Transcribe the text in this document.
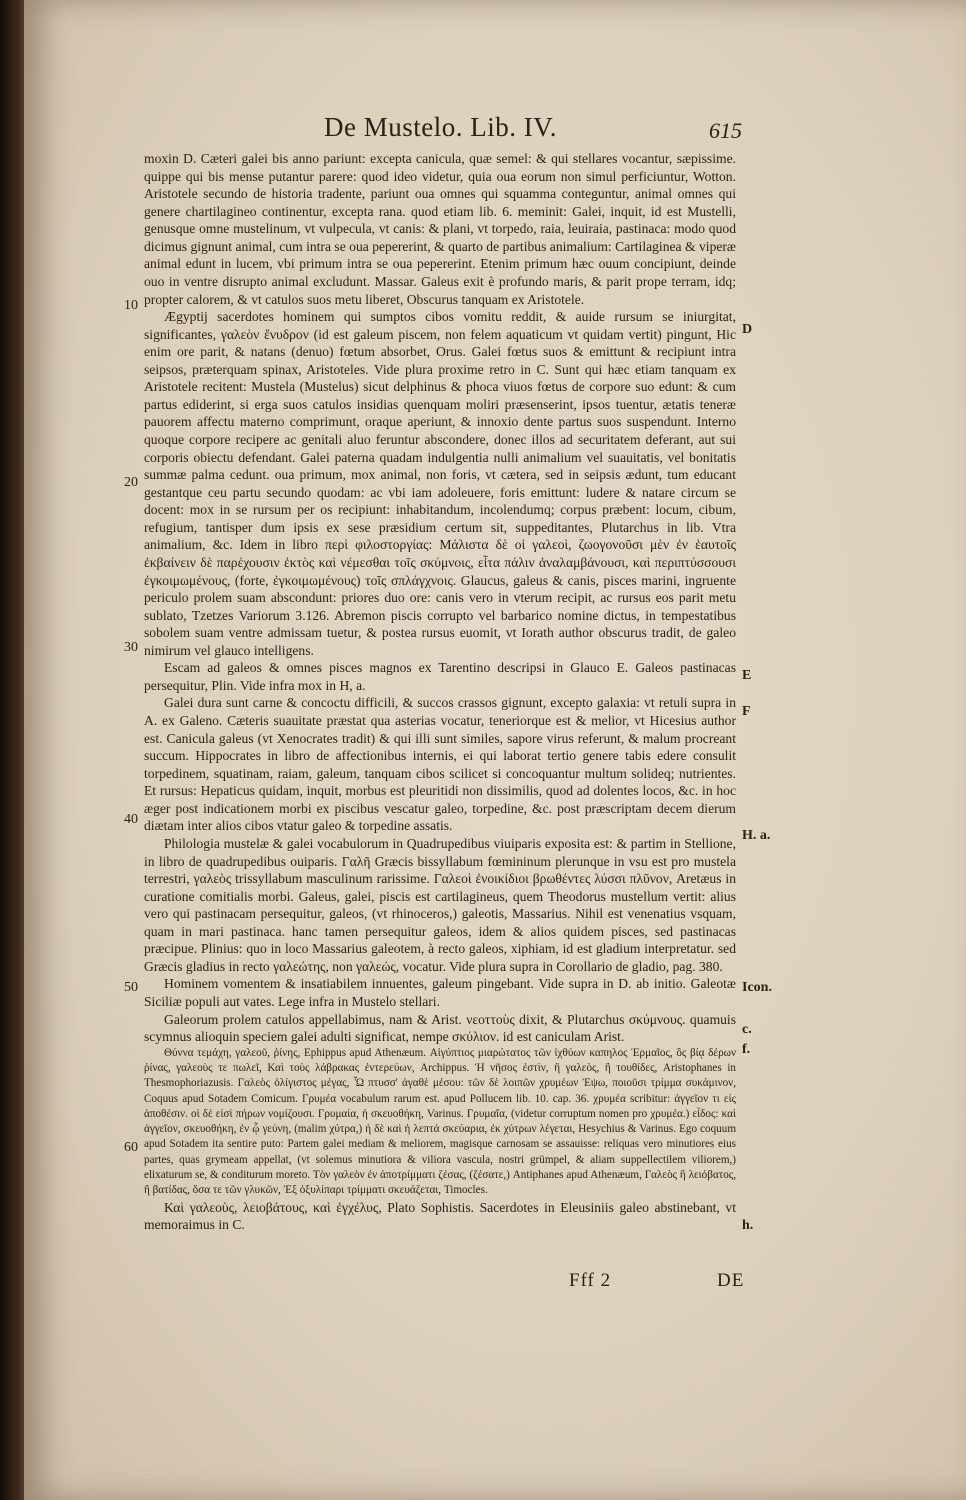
De Mustelo. Lib. IV.	615

moxin D. Cæteri galei bis anno pariunt: excepta canicula, quæ semel: & qui stellares vocantur, sæpissime. quippe qui bis mense putantur parere: quod ideo videtur, quia oua eorum non simul perficiuntur, Wotton. Aristotele secundo de historia tradente, pariunt oua omnes qui squamma conteguntur, animal omnes qui genere chartilagineo continentur, excepta rana. quod etiam lib. 6. meminit: Galei, inquit, id est Mustelli, genusque omne mustelinum, vt vulpecula, vt canis: & plani, vt torpedo, raia, leuiraia, pastinaca: modo quod dicimus gignunt animal, cum intra se oua pepererint, & quarto de partibus animalium: Cartilaginea & viperæ animal edunt in lucem, vbi primum intra se oua pepererint. Etenim primum hæc ouum concipiunt, deinde ouo in ventre disrupto animal excludunt. Massar. Galeus exit è profundo maris, & parit prope terram, idq; propter calorem, & vt catulos suos metu liberet, Obscurus tanquam ex Aristotele.

Ægyptij sacerdotes hominem qui sumptos cibos vomitu reddit, & auide rursum se iniurgitat, significantes, γαλεὸν ἔνυδρον (id est galeum piscem, non felem aquaticum vt quidam vertit) pingunt, Hic enim ore parit, & natans (denuo) fœtum absorbet, Orus. Galei fœtus suos & emittunt & recipiunt intra seipsos, præterquam spinax, Aristoteles. Vide plura proxime retro in C. Sunt qui hæc etiam tanquam ex Aristotele recitent: Mustela (Mustelus) sicut delphinus & phoca viuos fœtus de corpore suo edunt: & cum partus ediderint, si erga suos catulos insidias quenquam moliri præsenserint, ipsos tuentur, ætatis teneræ pauorem affectu materno comprimunt, oraque aperiunt, & innoxio dente partus suos suspendunt. Interno quoque corpore recipere ac genitali aluo feruntur abscondere, donec illos ad securitatem deferant, aut sui corporis obiectu defendant. Galei paterna quadam indulgentia nulli animalium vel suauitatis, vel bonitatis summæ palma cedunt. oua primum, mox animal, non foris, vt cætera, sed in seipsis ædunt, tum educant gestantque ceu partu secundo quodam: ac vbi iam adoleuere, foris emittunt: ludere & natare circum se docent: mox in se rursum per os recipiunt: inhabitandum, incolendumq; corpus præbent: locum, cibum, refugium, tantisper dum ipsis ex sese præsidium certum sit, suppeditantes, Plutarchus in lib. Vtra animalium, &c. Idem in libro περὶ φιλοστοργίας: Μάλιστα δὲ οἱ γαλεοὶ, ζωογονοῦσι μὲν ἐν ἑαυτοῖς ἐκβαίνειν δὲ παρέχουσιν ἐκτὸς καὶ νέμεσθαι τοῖς σκύμνοις, εἶτα πάλιν ἀναλαμβάνουσι, καὶ περιπτύσσουσι ἐγκοιμωμένους, (forte, ἐγκοιμωμένους) τοῖς σπλάγχνοις. Glaucus, galeus & canis, pisces marini, ingruente periculo prolem suam abscondunt: priores duo ore: canis vero in vterum recipit, ac rursus eos parit metu sublato, Tzetzes Variorum 3.126. Abremon piscis corrupto vel barbarico nomine dictus, in tempestatibus sobolem suam ventre admissam tuetur, & postea rursus euomit, vt Iorath author obscurus tradit, de galeo nimirum vel glauco intelligens.

Escam ad galeos & omnes pisces magnos ex Tarentino descripsi in Glauco E. Galeos pastinacas persequitur, Plin. Vide infra mox in H, a.

Galei dura sunt carne & concoctu difficili, & succos crassos gignunt, excepto galaxia: vt retuli supra in A. ex Galeno. Cæteris suauitate præstat qua asterias vocatur, teneriorque est & melior, vt Hicesius author est. Canicula galeus (vt Xenocrates tradit) & qui illi sunt similes, sapore virus referunt, & malum procreant succum. Hippocrates in libro de affectionibus internis, ei qui laborat tertio genere tabis edere consulit torpedinem, squatinam, raiam, galeum, tanquam cibos scilicet si concoquantur multum solideq; nutrientes. Et rursus: Hepaticus quidam, inquit, morbus est pleuritidi non dissimilis, quod ad dolentes locos, &c. in hoc æger post indicationem morbi ex piscibus vescatur galeo, torpedine, &c. post præscriptam decem dierum diætam inter alios cibos vtatur galeo & torpedine assatis.

Philologia mustelæ & galei vocabulorum in Quadrupedibus viuiparis exposita est: & partim in Stellione, in libro de quadrupedibus ouiparis. Γαλῆ Græcis bissyllabum fœmininum plerunque in vsu est pro mustela terrestri, γαλεὸς trissyllabum masculinum rarissime. Γαλεοὶ ἐνοικίδιοι βρωθέντες λύσσι πλῦνον, Aretæus in curatione comitialis morbi. Galeus, galei, piscis est cartilagineus, quem Theodorus mustellum vertit: alius vero qui pastinacam persequitur, galeos, (vt rhinoceros,) galeotis, Massarius. Nihil est venenatius vsquam, quam in mari pastinaca. hanc tamen persequitur galeos, idem & alios quidem pisces, sed pastinacas præcipue. Plinius: quo in loco Massarius galeotem, à recto galeos, xiphiam, id est gladium interpretatur. sed Græcis gladius in recto γαλεώτης, non γαλεώς, vocatur. Vide plura supra in Corollario de gladio, pag. 380.

Hominem vomentem & insatiabilem innuentes, galeum pingebant. Vide supra in D. ab initio. Galeotæ Siciliæ populi aut vates. Lege infra in Mustelo stellari.

Galeorum prolem catulos appellabimus, nam & Arist. νεοττοὺς dixit, & Plutarchus σκύμνους. quamuis scymnus alioquin speciem galei adulti significat, nempe σκύλιον. id est caniculam Arist.

Θύννα τεμάχη, γαλεοῦ, ῥίνης, Ephippus apud Athenæum. Αἰγύπτιος μιαρώτατος τῶν ἰχθύων καπηλος Ἑρμαῖος, ὃς βίᾳ δέρων ῥίνας, γαλεοὺς τε πωλεῖ, Καὶ τοὺς λάβρακας ἐντερεύων, Archippus. Ἡ νῆσος ἐστὶν, ἢ γαλεὸς, ἢ τουθίδες, Aristophanes in Thesmophoriazusis. Γαλεὸς ὀλίγιστος μέγας, Ὧ πτυσσ' ἀγαθὲ μέσου: τῶν δὲ λοιπῶν χρυμέων Ἐψω, ποιοῦσι τρίμμα συκάμινον, Coquus apud Sotadem Comicum. Γρυμέα vocabulum rarum est. apud Pollucem lib. 10. cap. 36. χρυμέα scribitur: ἀγγεῖον τι εἰς ἀποθέσιν. οἱ δὲ εἰσὶ πήρων νομίζουσι. Γρυμαία, ἡ σκευοθήκη, Varinus. Γρυμαΐα, (videtur corruptum nomen pro χρυμέα.) εἶδος: καὶ ἀγγεῖον, σκευοθήκη, ἐν ᾧ γεύνη, (malim χύτρα,) ἡ δὲ καὶ ἡ λεπτά σκεύαρια, ἐκ χύτρων λέγεται, Hesychius & Varinus. Ego coquum apud Sotadem ita sentire puto: Partem galei mediam & meliorem, magisque carnosam se assauisse: reliquas vero minutiores eius partes, quas grymeam appellat, (vt solemus minutiora & viliora vascula, nostri grümpel, & aliam suppellectilem viliorem,) elixaturum se, & conditurum moreto. Τὸν γαλεὸν ἐν ἀποτρίμματι ζέσας, (ζέσατε,) Antiphanes apud Athenæum, Γαλεὸς ἢ λειόβατος, ἢ βατίδας, ὅσα τε τῶν γλυκῶν, Ἐξ ὀξυλίπαρι τρίμματι σκευάζεται, Timocles.

Καὶ γαλεοὺς, λειοβάτους, καὶ ἐγχέλυς, Plato Sophistis. Sacerdotes in Eleusiniis galeo abstinebant, vt memoraimus in C.

10
20
30
40
50
60
D
E
F
H. a.
Icon.
c.
f.
h.
Fff 2	DE
